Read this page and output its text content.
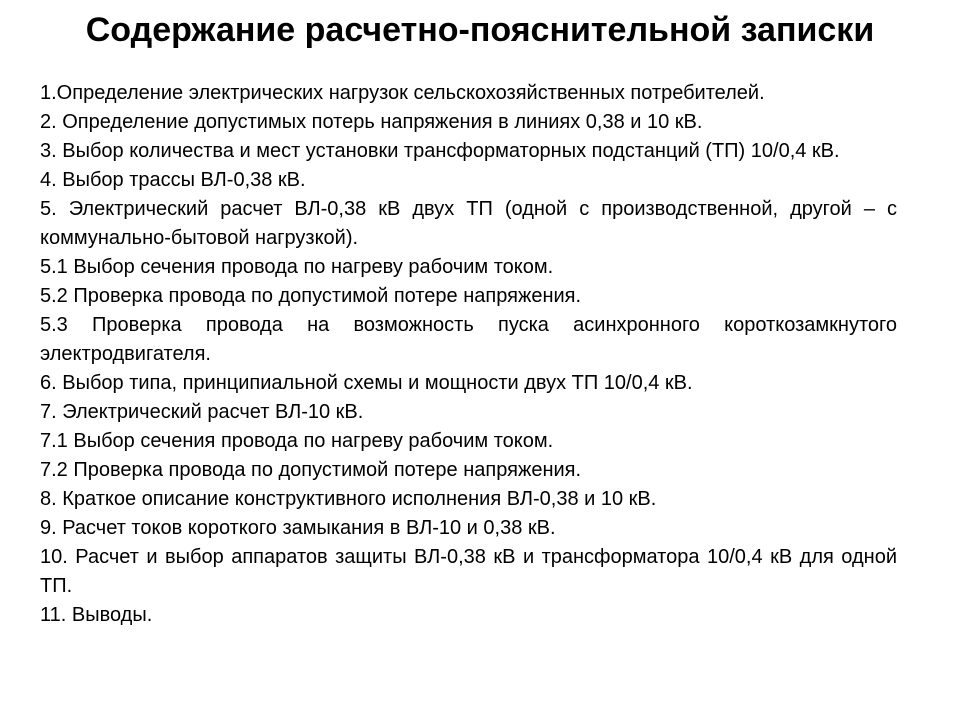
Содержание расчетно-пояснительной записки

1.Определение электрических нагрузок сельскохозяйственных потребителей.

2. Определение допустимых потерь напряжения в линиях 0,38 и 10 кВ.

3. Выбор количества и мест установки трансформаторных подстанций (ТП) 10/0,4 кВ.

4. Выбор трассы ВЛ-0,38 кВ.

5. Электрический расчет ВЛ-0,38 кВ двух ТП (одной с производственной, другой – с коммунально-бытовой нагрузкой).

5.1 Выбор сечения провода по нагреву рабочим током.

5.2 Проверка провода по допустимой потере напряжения.

5.3 Проверка провода на возможность пуска асинхронного короткозамкнутого электродвигателя.

6. Выбор типа, принципиальной схемы и мощности двух ТП 10/0,4 кВ.

7. Электрический расчет ВЛ-10 кВ.

7.1 Выбор сечения провода по нагреву рабочим током.

7.2 Проверка провода по допустимой потере напряжения.

8. Краткое описание конструктивного исполнения ВЛ-0,38 и 10 кВ.

9. Расчет токов короткого замыкания в ВЛ-10 и 0,38 кВ.

10. Расчет и выбор аппаратов защиты ВЛ-0,38 кВ и трансформатора 10/0,4 кВ для одной ТП.

11. Выводы.
